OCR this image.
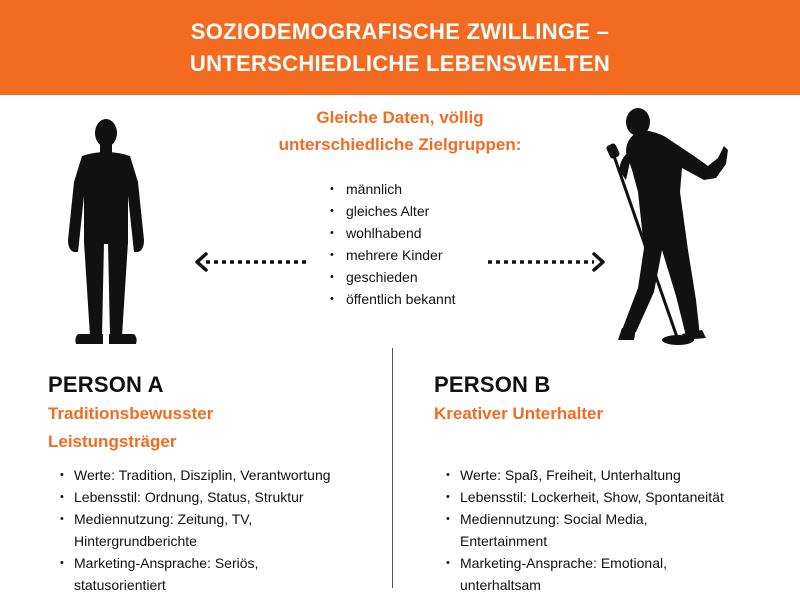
SOZIODEMOGRAFISCHE ZWILLINGE –
UNTERSCHIEDLICHE LEBENSWELTEN
Gleiche Daten, völlig
unterschiedliche Zielgruppen:
• männlich
• gleiches Alter
• wohlhabend
• mehrere Kinder
• geschieden
• öffentlich bekannt
PERSON A
Traditionsbewusster
Leistungsträger
• Werte: Tradition, Disziplin, Verantwortung
• Lebensstil: Ordnung, Status, Struktur
• Mediennutzung: Zeitung, TV,
Hintergrundberichte
• Marketing-Ansprache: Seriös,
statusorientiert
PERSON B
Kreativer Unterhalter
• Werte: Spaß, Freiheit, Unterhaltung
• Lebensstil: Lockerheit, Show, Spontaneität
• Mediennutzung: Social Media,
Entertainment
• Marketing-Ansprache: Emotional,
unterhaltsam
